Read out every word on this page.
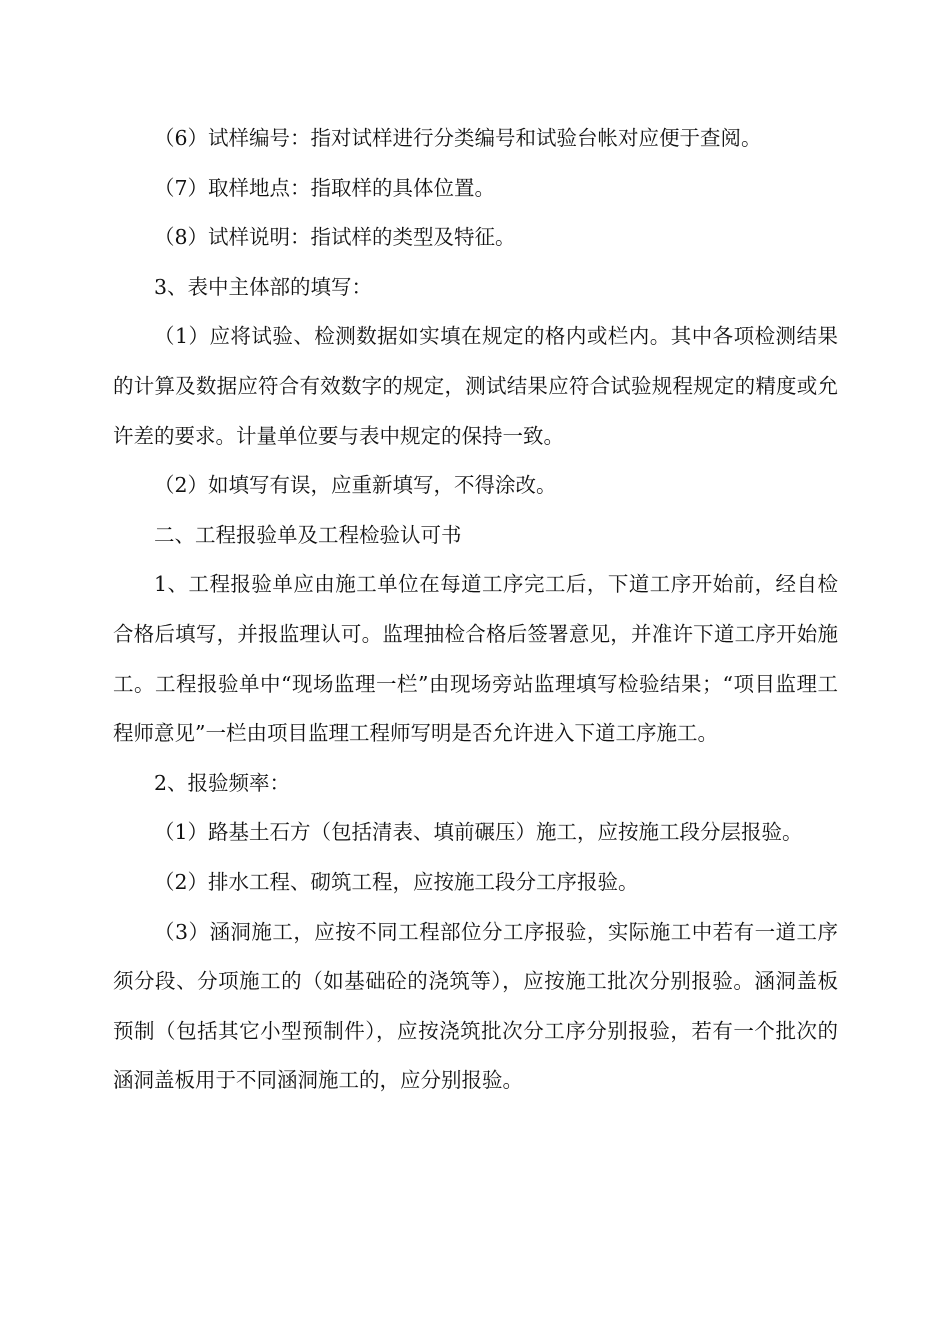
（6）试样编号：指对试样进行分类编号和试验台帐对应便于查阅。

（7）取样地点：指取样的具体位置。

（8）试样说明：指试样的类型及特征。

3、表中主体部的填写：

（1）应将试验、检测数据如实填在规定的格内或栏内。其中各项检测结果的计算及数据应符合有效数字的规定，测试结果应符合试验规程规定的精度或允许差的要求。计量单位要与表中规定的保持一致。

（2）如填写有误，应重新填写，不得涂改。

二、工程报验单及工程检验认可书

1、工程报验单应由施工单位在每道工序完工后，下道工序开始前，经自检合格后填写，并报监理认可。监理抽检合格后签署意见，并准许下道工序开始施工。工程报验单中“现场监理一栏”由现场旁站监理填写检验结果；“项目监理工程师意见”一栏由项目监理工程师写明是否允许进入下道工序施工。

2、报验频率：

（1）路基土石方（包括清表、填前碾压）施工，应按施工段分层报验。

（2）排水工程、砌筑工程，应按施工段分工序报验。

（3）涵洞施工，应按不同工程部位分工序报验，实际施工中若有一道工序须分段、分项施工的（如基础砼的浇筑等），应按施工批次分别报验。涵洞盖板预制（包括其它小型预制件），应按浇筑批次分工序分别报验，若有一个批次的涵洞盖板用于不同涵洞施工的，应分别报验。
